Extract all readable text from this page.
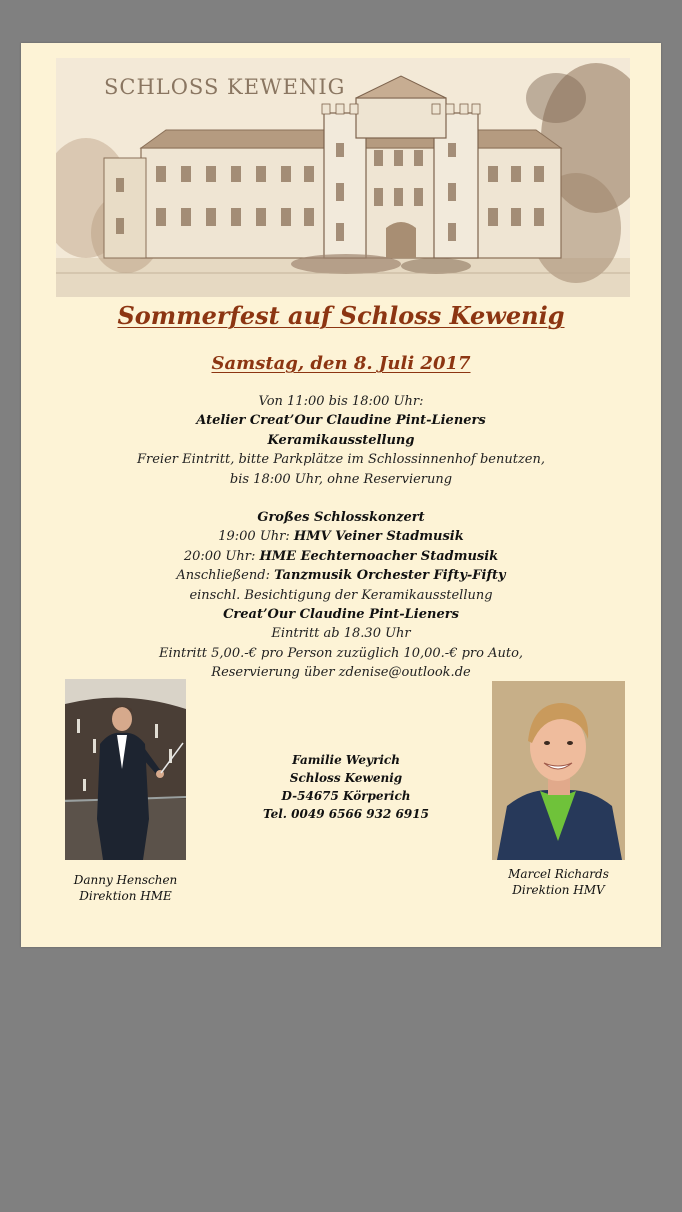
SCHLOSS KEWENIG
Sommerfest auf Schloss Kewenig
Samstag, den 8. Juli 2017
Von 11:00 bis 18:00 Uhr:
Atelier Creat’Our Claudine Pint-Lieners
Keramikausstellung
Freier Eintritt, bitte Parkplätze im Schlossinnenhof benutzen,
bis 18:00 Uhr, ohne Reservierung
Großes Schlosskonzert
19:00 Uhr: HMV Veiner Stadmusik
20:00 Uhr: HME Eechternoacher Stadmusik
Anschließend: Tanzmusik Orchester Fifty-Fifty
einschl. Besichtigung der Keramikausstellung
Creat’Our Claudine Pint-Lieners
Eintritt ab 18.30 Uhr
Eintritt 5,00.-€ pro Person zuzüglich 10,00.-€ pro Auto,
Reservierung über zdenise@outlook.de
Danny Henschen
Direktion HME
Familie Weyrich
Schloss Kewenig
D-54675 Körperich
Tel. 0049 6566 932 6915
Marcel Richards
Direktion HMV
